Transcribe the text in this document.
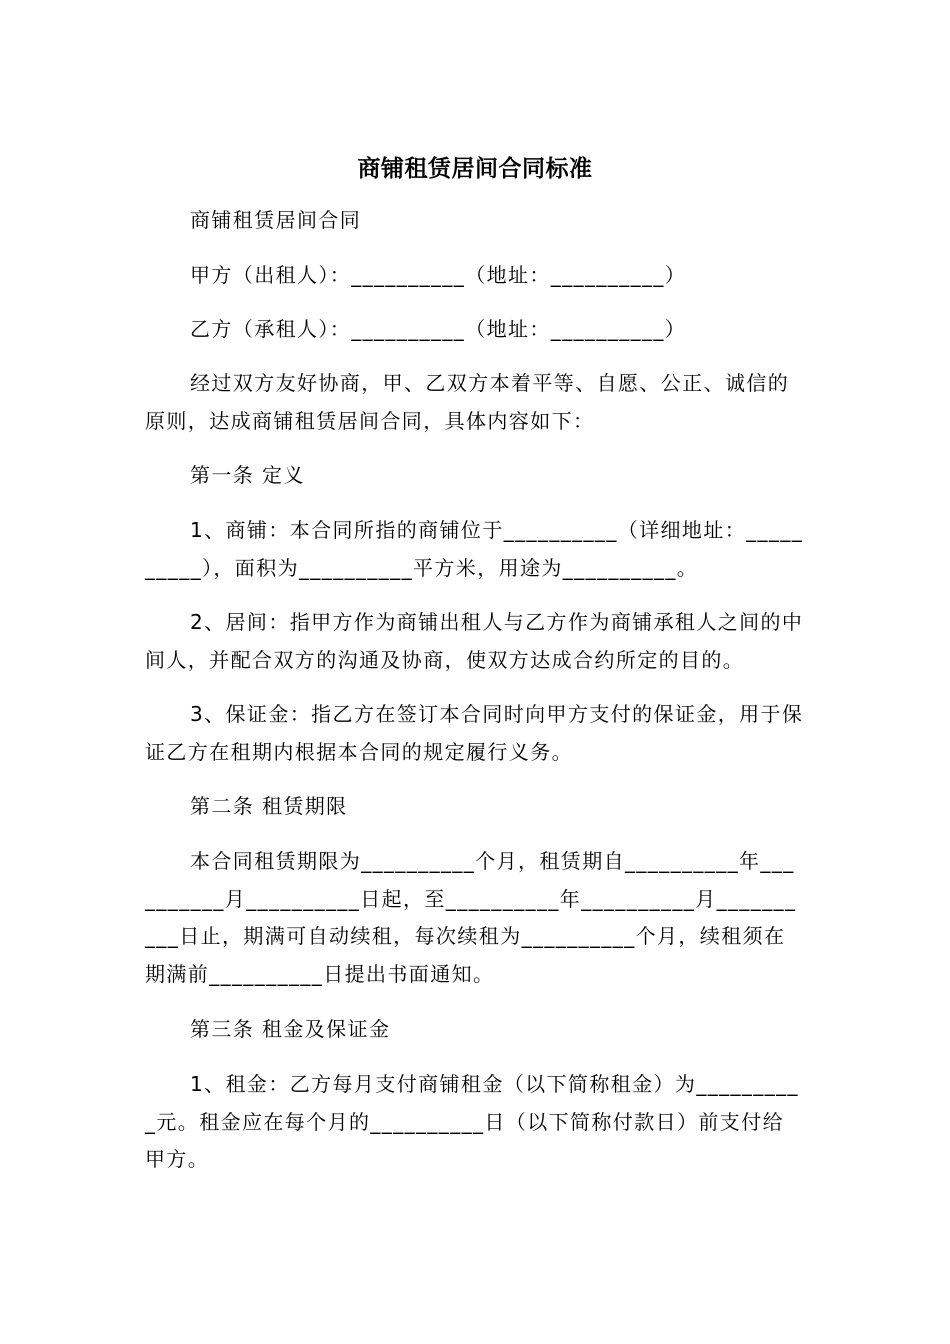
商铺租赁居间合同标准

商铺租赁居间合同

甲方（出租人）：__________（地址：__________）

乙方（承租人）：__________（地址：__________）

经过双方友好协商，甲、乙双方本着平等、自愿、公正、诚信的原则，达成商铺租赁居间合同，具体内容如下：

第一条 定义

1、商铺：本合同所指的商铺位于__________（详细地址：__________），面积为__________平方米，用途为__________。

2、居间：指甲方作为商铺出租人与乙方作为商铺承租人之间的中间人，并配合双方的沟通及协商，使双方达成合约所定的目的。

3、保证金：指乙方在签订本合同时向甲方支付的保证金，用于保证乙方在租期内根据本合同的规定履行义务。

第二条 租赁期限

本合同租赁期限为__________个月，租赁期自__________年__________月__________日起，至__________年__________月__________日止，期满可自动续租，每次续租为__________个月，续租须在期满前__________日提出书面通知。

第三条 租金及保证金

1、租金：乙方每月支付商铺租金（以下简称租金）为__________元。租金应在每个月的__________日（以下简称付款日）前支付给甲方。
